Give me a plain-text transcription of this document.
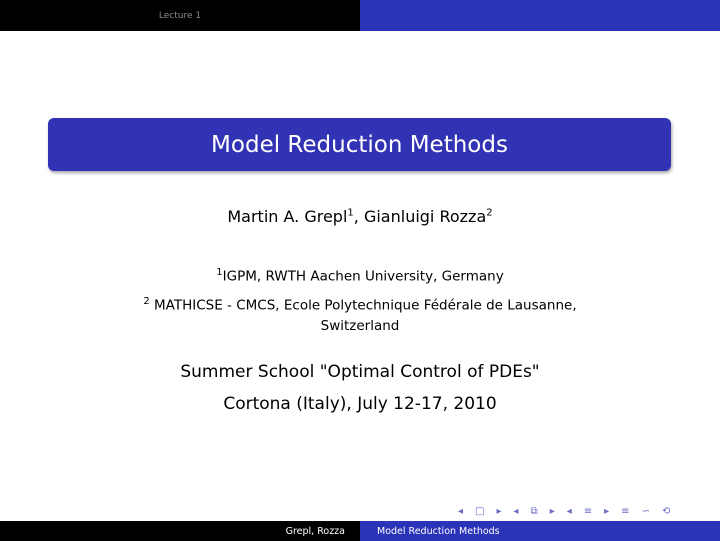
Lecture 1
Model Reduction Methods
Martin A. Grepl$^1$, Gianluigi Rozza$^2$
$^1$IGPM, RWTH Aachen University, Germany
$^2$ MATHICSE - CMCS, Ecole Polytechnique Fédérale de Lausanne,
Switzerland
Summer School "Optimal Control of PDEs"
Cortona (Italy), July 12-17, 2010
◂ □ ▸ ◂ ⧉ ▸ ◂ ≡ ▸ ≡ ∽ ⟲
Grepl, Rozza	Model Reduction Methods
